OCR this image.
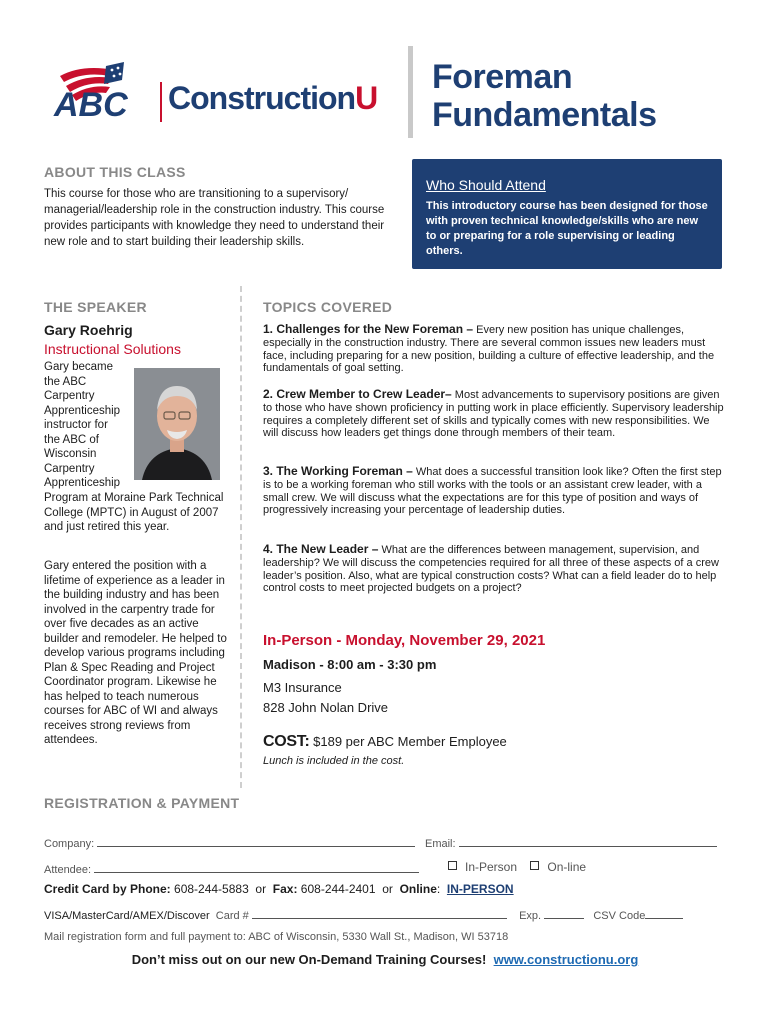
ABC ConstructionU
Foreman
Fundamentals
ABOUT THIS CLASS
This course for those who are transitioning to a supervisory/ managerial/leadership role in the construction industry. This course provides participants with knowledge they need to understand their new role and to start building their leadership skills.
Who Should Attend
This introductory course has been designed for those with proven technical knowledge/skills who are new to or preparing for a role supervising or leading others.
THE SPEAKER
Gary Roehrig
Instructional Solutions
Gary became the ABC Carpentry Apprenticeship instructor for the ABC of Wisconsin Carpentry Apprenticeship
Program at Moraine Park Technical College (MPTC) in August of 2007 and just retired this year.
Gary entered the position with a lifetime of experience as a leader in the building industry and has been involved in the carpentry trade for over five decades as an active builder and remodeler. He helped to develop various programs including Plan & Spec Reading and Project Coordinator program. Likewise he has helped to teach numerous courses for ABC of WI and always receives strong reviews from attendees.
TOPICS COVERED
1. Challenges for the New Foreman – Every new position has unique challenges, especially in the construction industry. There are several common issues new leaders must face, including preparing for a new position, building a culture of effective leadership, and the fundamentals of goal setting.
2. Crew Member to Crew Leader– Most advancements to supervisory positions are given to those who have shown proficiency in putting work in place efficiently. Supervisory leadership requires a completely different set of skills and typically comes with new responsibilities. We will discuss how leaders get things done through members of their team.
3. The Working Foreman – What does a successful transition look like? Often the first step is to be a working foreman who still works with the tools or an assistant crew leader, with a small crew. We will discuss what the expectations are for this type of position and ways of progressively increasing your percentage of leadership duties.
4. The New Leader – What are the differences between management, supervision, and leadership? We will discuss the competencies required for all three of these aspects of a crew leader’s position. Also, what are typical construction costs? What can a field leader do to help control costs to meet projected budgets on a project?
In-Person - Monday, November 29, 2021
Madison - 8:00 am - 3:30 pm
M3 Insurance
828 John Nolan Drive
COST: $189 per ABC Member Employee
Lunch is included in the cost.
REGISTRATION & PAYMENT
Company:	Email:
Attendee:	In-Person	On-line
Credit Card by Phone: 608-244-5883  or  Fax: 608-244-2401  or  Online:  IN-PERSON
VISA/MasterCard/AMEX/Discover  Card #	Exp.	CSV Code
Mail registration form and full payment to: ABC of Wisconsin, 5330 Wall St., Madison, WI 53718
Don’t miss out on our new On-Demand Training Courses!  www.constructionu.org
